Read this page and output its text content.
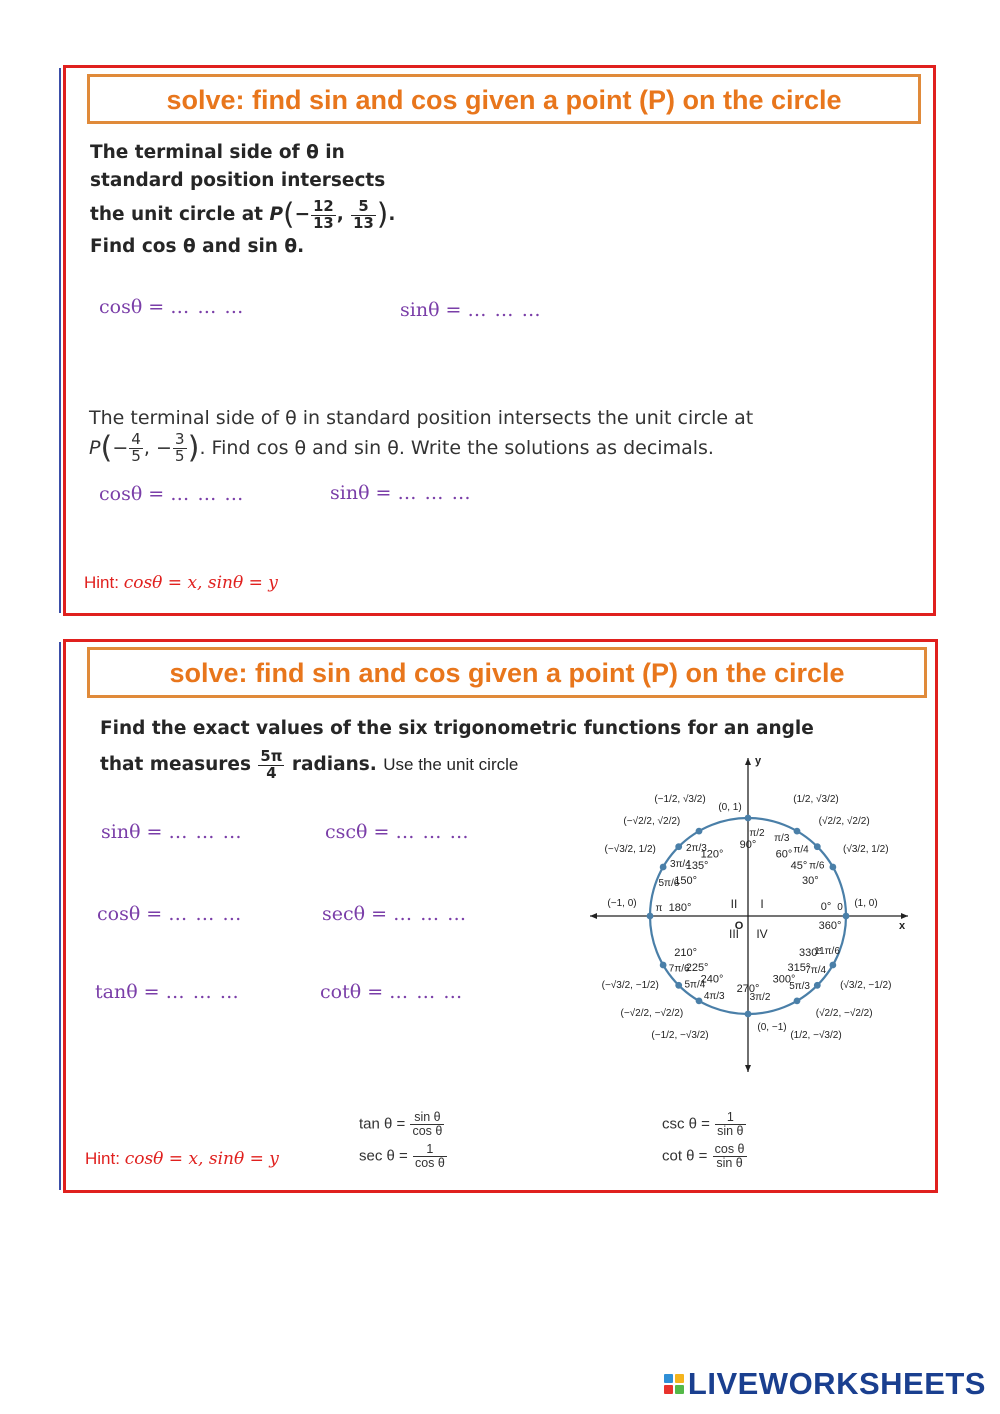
solve: find sin and cos given a point (P) on the circle
The terminal side of θ in
standard position intersects
the unit circle at $P(- \frac{12}{13}$ , $\frac{5}{13}$ ).
Find cos θ and sin θ.
cosθ = … … …	sinθ = … … …
The terminal side of θ in standard position intersects the unit circle at
$P(- \frac{4}{5}$ , − $\frac{3}{5}$ ). Find cos θ and sin θ. Write the solutions as decimals.
cosθ = … … …	sinθ = … … …
Hint: cosθ = x, sinθ = y
solve: find sin and cos given a point (P) on the circle
Find the exact values of the six trigonometric functions for an angle
that measures $\frac{5\pi}{4}$ radians. Use the unit circle
sinθ = … … …	cscθ = … … …
cosθ = … … …	secθ = … … …
tanθ = … … …	cotθ = … … …
Hint: cosθ = x, sinθ = y
$\tan \theta = \frac{\text{sin θ}}{\text{cos θ}}$
$\sec \theta = \frac{1}{\text{cos θ}}$
$\csc \theta = \frac{1}{\text{sin θ}}$
$\cot \theta = \frac{\text{cos θ}}{\text{sin θ}}$
x
y
O
I
II
III IV
(1, 0)
0°
360°
0
(√3/2, 1/2)
30°
π/6
(√2/2, √2/2)
45°
π/4
(1/2, √3/2)
60°
π/3
(0, 1)
90°
π/2
(−1/2, √3/2)
120°
2π/3
(−√2/2, √2/2)
135°
3π/4
(−√3/2, 1/2)
150°
5π/6
(−1, 0)	180°
π
(−√3/2, −1/2)
210°
7π/6
(−√2/2, −√2/2)
225°
5π/4
(−1/2, −√3/2)
240°
4π/3
(0, −1)
270°
3π/2
(1/2, −√3/2)
300°
5π/3
(√2/2, −√2/2)
315°
7π/4
(√3/2, −1/2)
330°
11π/6
LIVEWORKSHEETS
